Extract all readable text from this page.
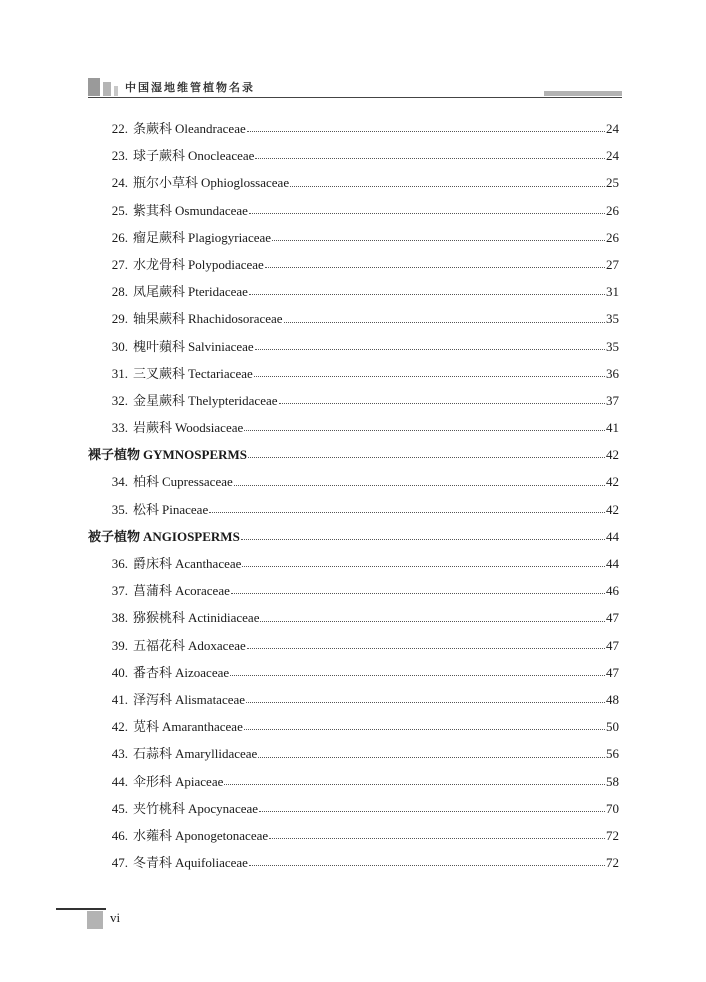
中国湿地维管植物名录
22. 条蕨科 Oleandraceae	24
23. 球子蕨科 Onocleaceae	24
24. 瓶尔小草科 Ophioglossaceae	25
25. 紫萁科 Osmundaceae	26
26. 瘤足蕨科 Plagiogyriaceae	26
27. 水龙骨科 Polypodiaceae	27
28. 凤尾蕨科 Pteridaceae	31
29. 轴果蕨科 Rhachidosoraceae	35
30. 槐叶蘋科 Salviniaceae	35
31. 三叉蕨科 Tectariaceae	36
32. 金星蕨科 Thelypteridaceae	37
33. 岩蕨科 Woodsiaceae	41
裸子植物 GYMNOSPERMS	42
34. 柏科 Cupressaceae	42
35. 松科 Pinaceae	42
被子植物 ANGIOSPERMS	44
36. 爵床科 Acanthaceae	44
37. 菖蒲科 Acoraceae	46
38. 猕猴桃科 Actinidiaceae	47
39. 五福花科 Adoxaceae	47
40. 番杏科 Aizoaceae	47
41. 泽泻科 Alismataceae	48
42. 苋科 Amaranthaceae	50
43. 石蒜科 Amaryllidaceae	56
44. 伞形科 Apiaceae	58
45. 夹竹桃科 Apocynaceae	70
46. 水蕹科 Aponogetonaceae	72
47. 冬青科 Aquifoliaceae	72
vi
